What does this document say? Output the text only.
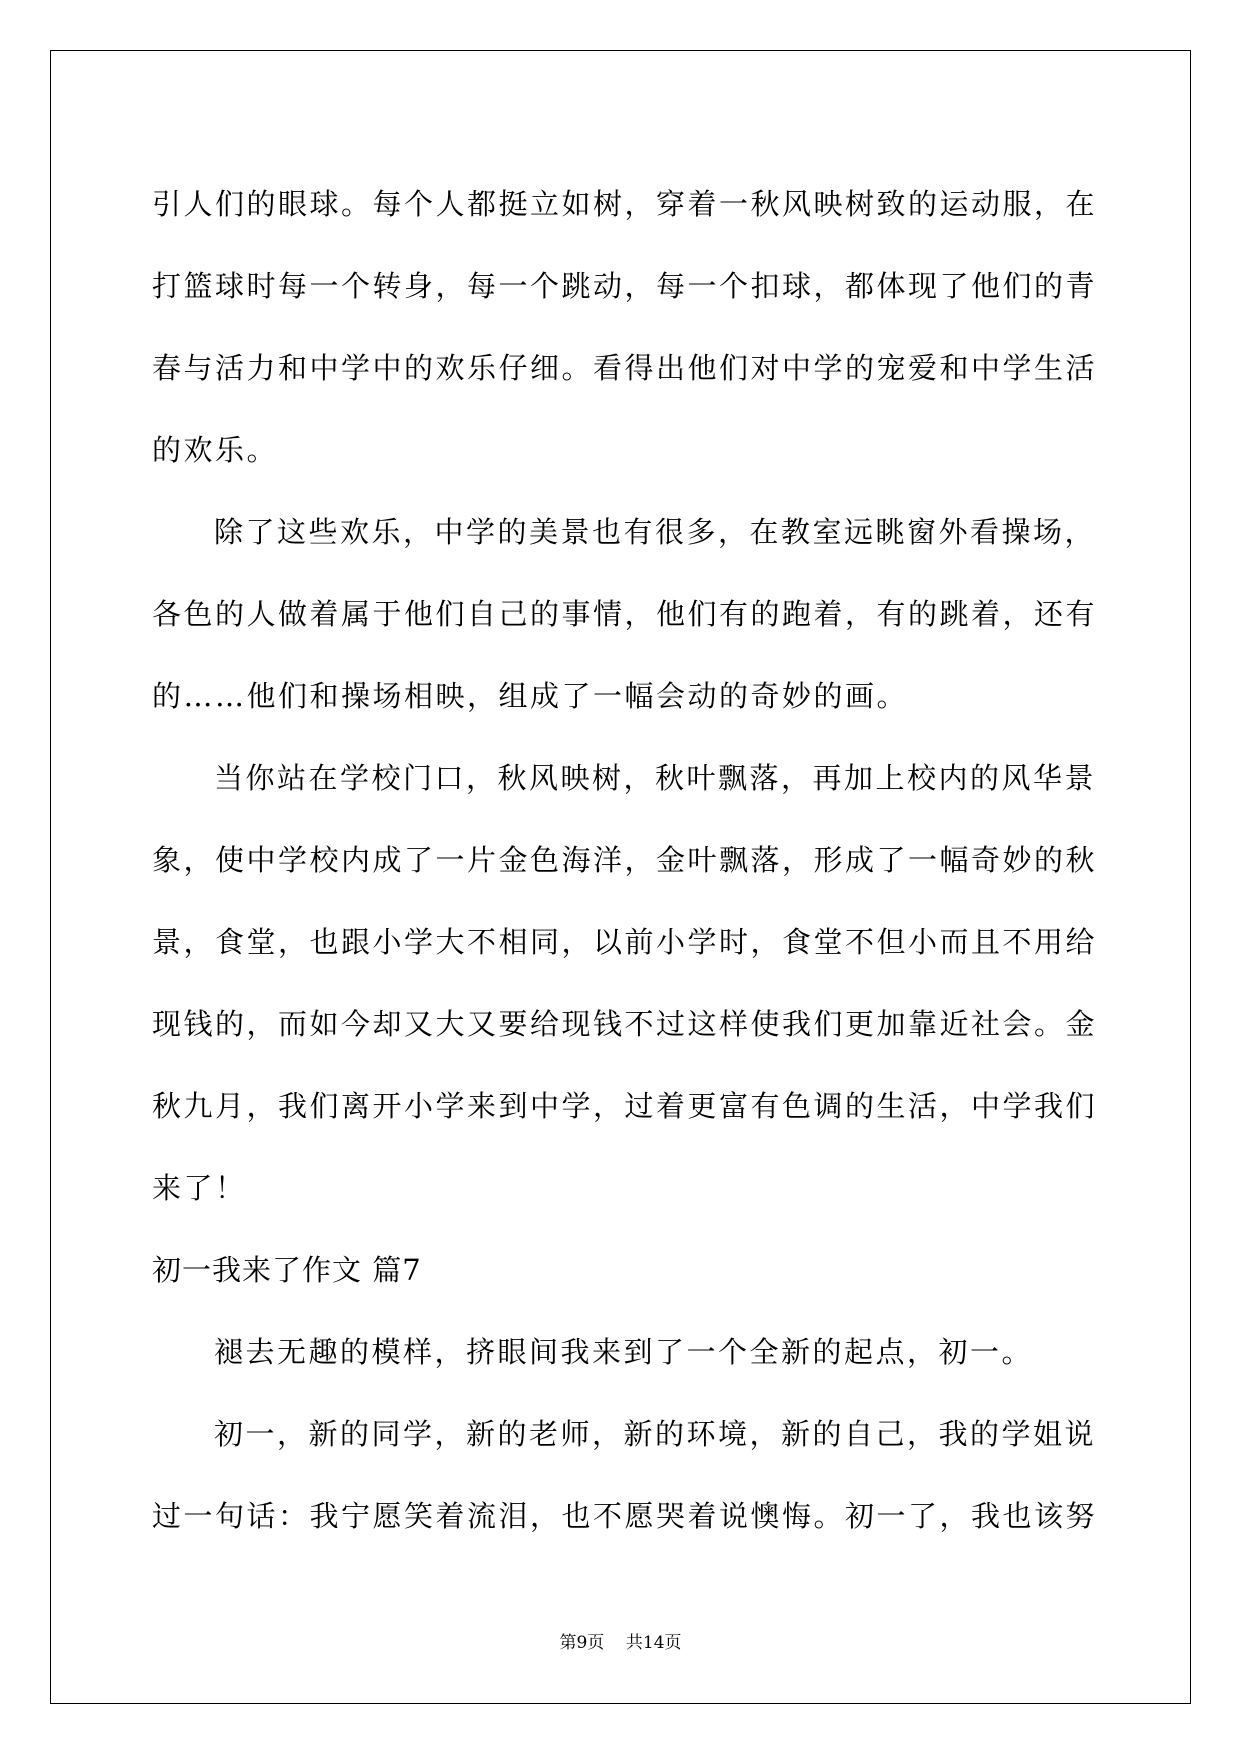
引人们的眼球。每个人都挺立如树，穿着一秋风映树致的运动服，在
打篮球时每一个转身，每一个跳动，每一个扣球，都体现了他们的青
春与活力和中学中的欢乐仔细。看得出他们对中学的宠爱和中学生活
的欢乐。
除了这些欢乐，中学的美景也有很多，在教室远眺窗外看操场，
各色的人做着属于他们自己的事情，他们有的跑着，有的跳着，还有
的……他们和操场相映，组成了一幅会动的奇妙的画。
当你站在学校门口，秋风映树，秋叶飘落，再加上校内的风华景
象，使中学校内成了一片金色海洋，金叶飘落，形成了一幅奇妙的秋
景，食堂，也跟小学大不相同，以前小学时，食堂不但小而且不用给
现钱的，而如今却又大又要给现钱不过这样使我们更加靠近社会。金
秋九月，我们离开小学来到中学，过着更富有色调的生活，中学我们
来了！
初一我来了作文 篇7
褪去无趣的模样，挤眼间我来到了一个全新的起点，初一。
初一，新的同学，新的老师，新的环境，新的自己，我的学姐说
过一句话：我宁愿笑着流泪，也不愿哭着说懊悔。初一了，我也该努
第9页 共14页
